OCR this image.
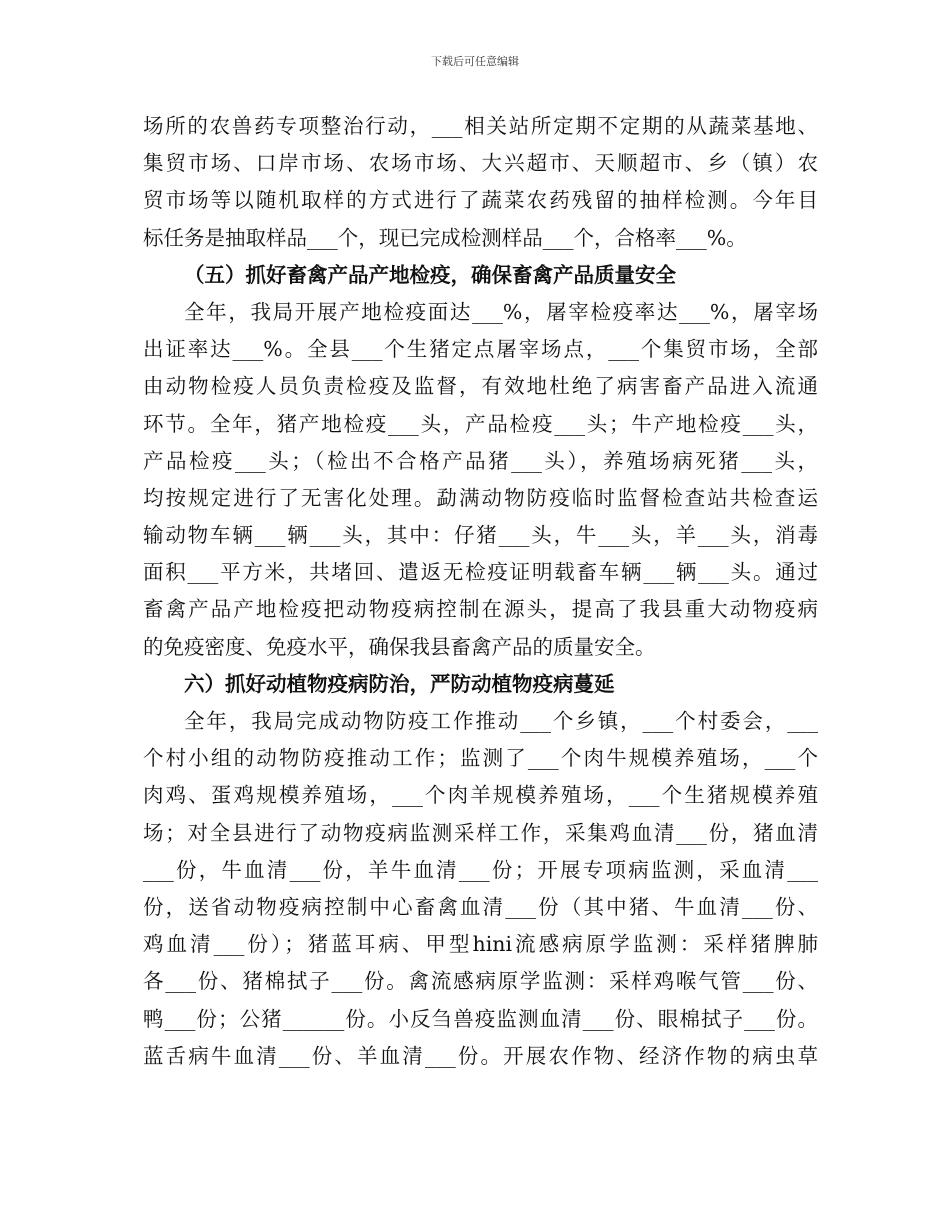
下载后可任意编辑
场所的农兽药专项整治行动，___相关站所定期不定期的从蔬菜基地、
集贸市场、口岸市场、农场市场、大兴超市、天顺超市、乡（镇）农
贸市场等以随机取样的方式进行了蔬菜农药残留的抽样检测。今年目
标任务是抽取样品___个，现已完成检测样品___个，合格率___%。
（五）抓好畜禽产品产地检疫，确保畜禽产品质量安全
全年，我局开展产地检疫面达___%，屠宰检疫率达___%，屠宰场
出证率达___%。全县___个生猪定点屠宰场点，___个集贸市场，全部
由动物检疫人员负责检疫及监督，有效地杜绝了病害畜产品进入流通
环节。全年，猪产地检疫___头，产品检疫___头；牛产地检疫___头，
产品检疫___头；（检出不合格产品猪___头），养殖场病死猪___头，
均按规定进行了无害化处理。勐满动物防疫临时监督检查站共检查运
输动物车辆___辆___头，其中：仔猪___头，牛___头，羊___头，消毒
面积___平方米，共堵回、遣返无检疫证明载畜车辆___辆___头。通过
畜禽产品产地检疫把动物疫病控制在源头，提高了我县重大动物疫病
的免疫密度、免疫水平，确保我县畜禽产品的质量安全。
六）抓好动植物疫病防治，严防动植物疫病蔓延
全年，我局完成动物防疫工作推动___个乡镇，___个村委会，___
个村小组的动物防疫推动工作；监测了___个肉牛规模养殖场，___个
肉鸡、蛋鸡规模养殖场，___个肉羊规模养殖场，___个生猪规模养殖
场；对全县进行了动物疫病监测采样工作，采集鸡血清___份，猪血清
___份，牛血清___份，羊牛血清___份；开展专项病监测，采血清___
份，送省动物疫病控制中心畜禽血清___份（其中猪、牛血清___份、
鸡血清___份）；猪蓝耳病、甲型hini流感病原学监测：采样猪脾肺
各___份、猪棉拭子___份。禽流感病原学监测：采样鸡喉气管___份、
鸭___份；公猪______份。小反刍兽疫监测血清___份、眼棉拭子___份。
蓝舌病牛血清___份、羊血清___份。开展农作物、经济作物的病虫草
